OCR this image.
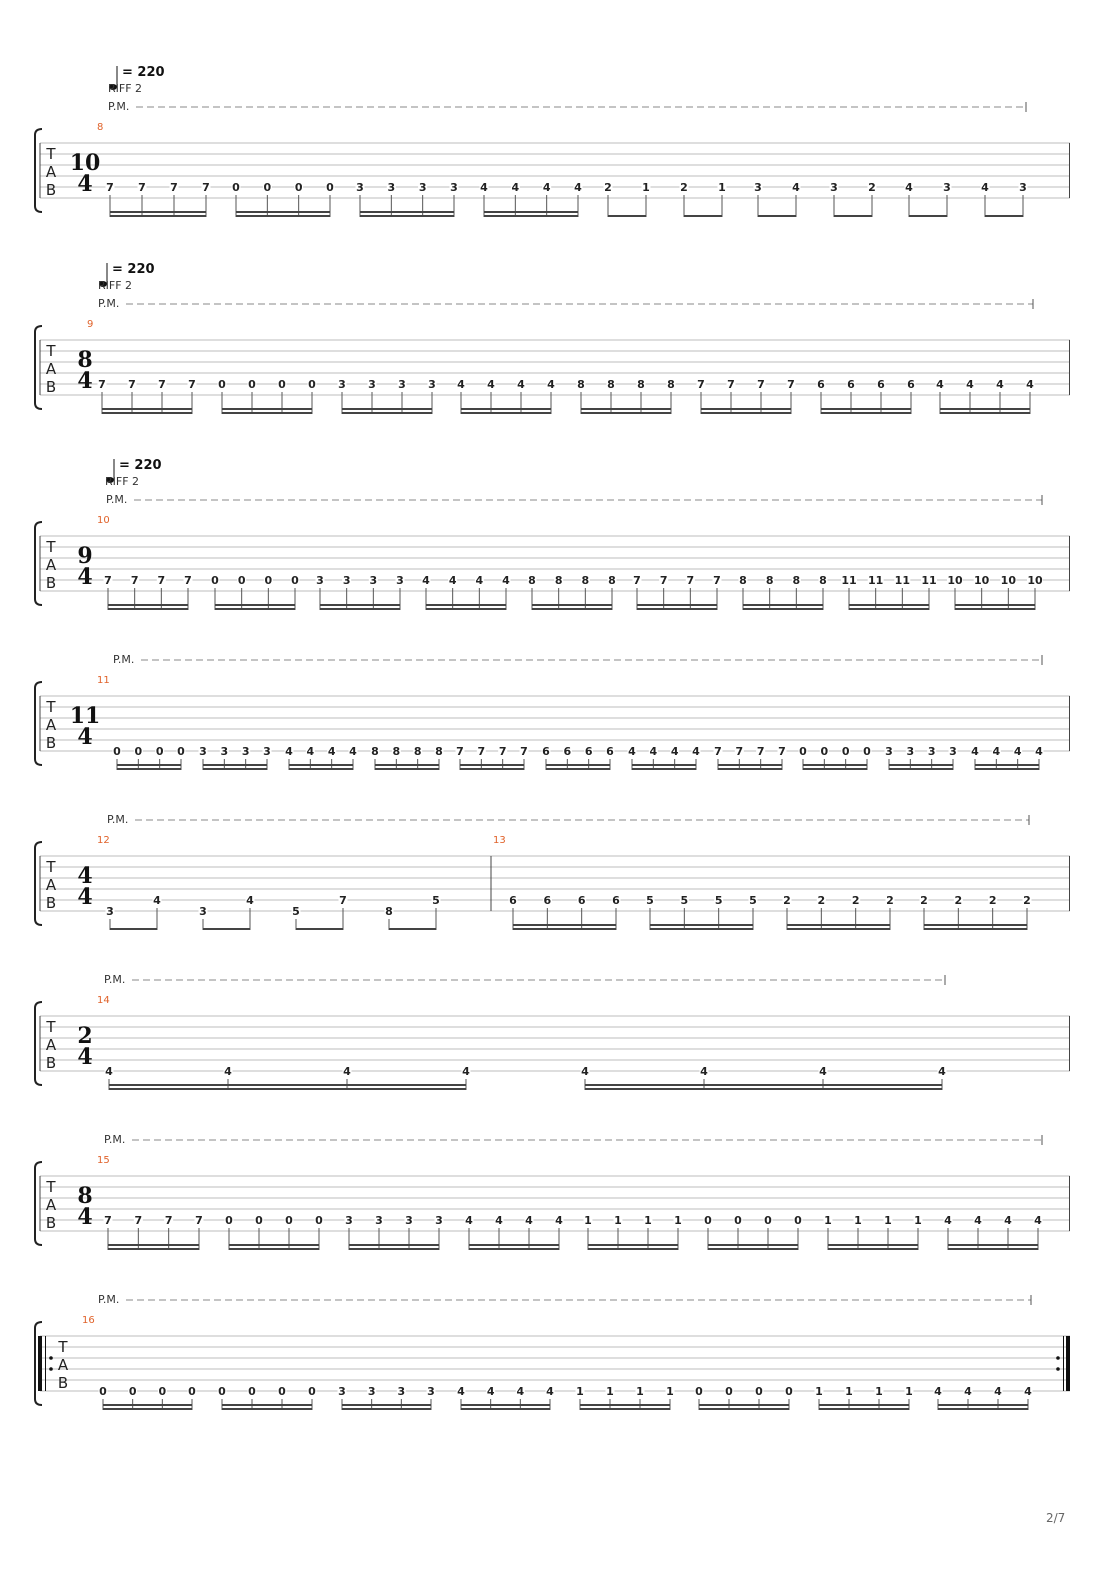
= 220
RIFF 2
P.M.
T
A
B
8
10
4 7 7 7 7 0 0 0 0 3 3 3 3 4 4 4 4 2	1	2	1	3	4	3	2	4	3	4	3
= 220
RIFF 2
P.M.
T
A
B
9
8
4 7 7 7 7 0 0 0 0 3 3 3 3 4 4 4 4 8 8 8 8 7 7 7 7 6 6 6 6 4 4 4 4
= 220
RIFF 2
P.M.
T
A
B
10
9
4 7 7 7 7 0 0 0 0 3 3 3 3 4 4 4 4 8 8 8 8 7 7 7 7 8 8 8 8 11 11 11 11 10 10 10 10
P.M.
T
A
B
11
11
4
0 0 0 0 3 3 3 3 4 4 4 4 8 8 8 8 7 7 7 7 6 6 6 6 4 4 4 4 7 7 7 7 0 0 0 0 3 3 3 3 4 4 4 4
P.M.
T
A
B
12
4
4
3
4
3
4
5
7
8
5
13
6 6 6 6 5 5 5 5 2 2 2 2 2 2 2 2
P.M.
T
A
B
14
2
4
4	4	4	4	4	4	4	4
P.M.
T
A
B
15
8
4 7 7 7 7 0 0 0 0 3 3 3 3 4 4 4 4 1 1 1 1 0 0 0 0 1 1 1 1 4 4 4 4
P.M.
T
A
B
16
0 0 0 0 0 0 0 0 3 3 3 3 4 4 4 4 1 1 1 1 0 0 0 0 1 1 1 1 4 4 4 4
2/7
